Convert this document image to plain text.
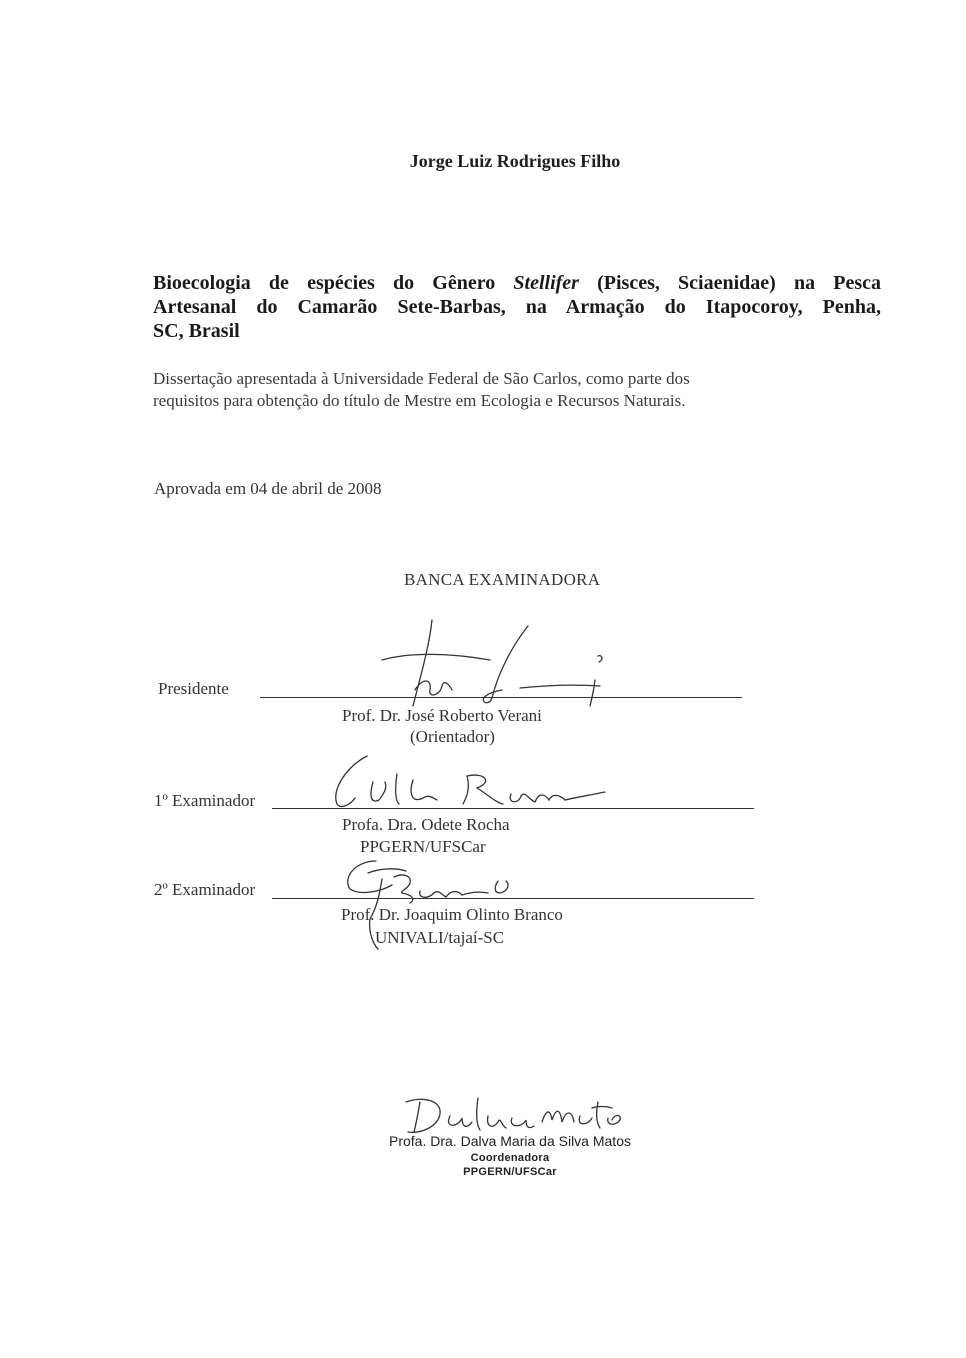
Jorge Luiz Rodrigues Filho
Bioecologia de espécies do Gênero Stellifer (Pisces, Sciaenidae) na Pesca
Artesanal do Camarão Sete-Barbas, na Armação do Itapocoroy, Penha,
SC, Brasil
Dissertação apresentada à Universidade Federal de São Carlos, como parte dos
requisitos para obtenção do título de Mestre em Ecologia e Recursos Naturais.
Aprovada em 04 de abril de 2008
BANCA EXAMINADORA
Presidente
Prof. Dr. José Roberto Verani
(Orientador)
1º Examinador
Profa. Dra. Odete Rocha
PPGERN/UFSCar
2º Examinador
Prof. Dr. Joaquim Olinto Branco
UNIVALI/tajaí-SC
Profa. Dra. Dalva Maria da Silva Matos
Coordenadora
PPGERN/UFSCar
